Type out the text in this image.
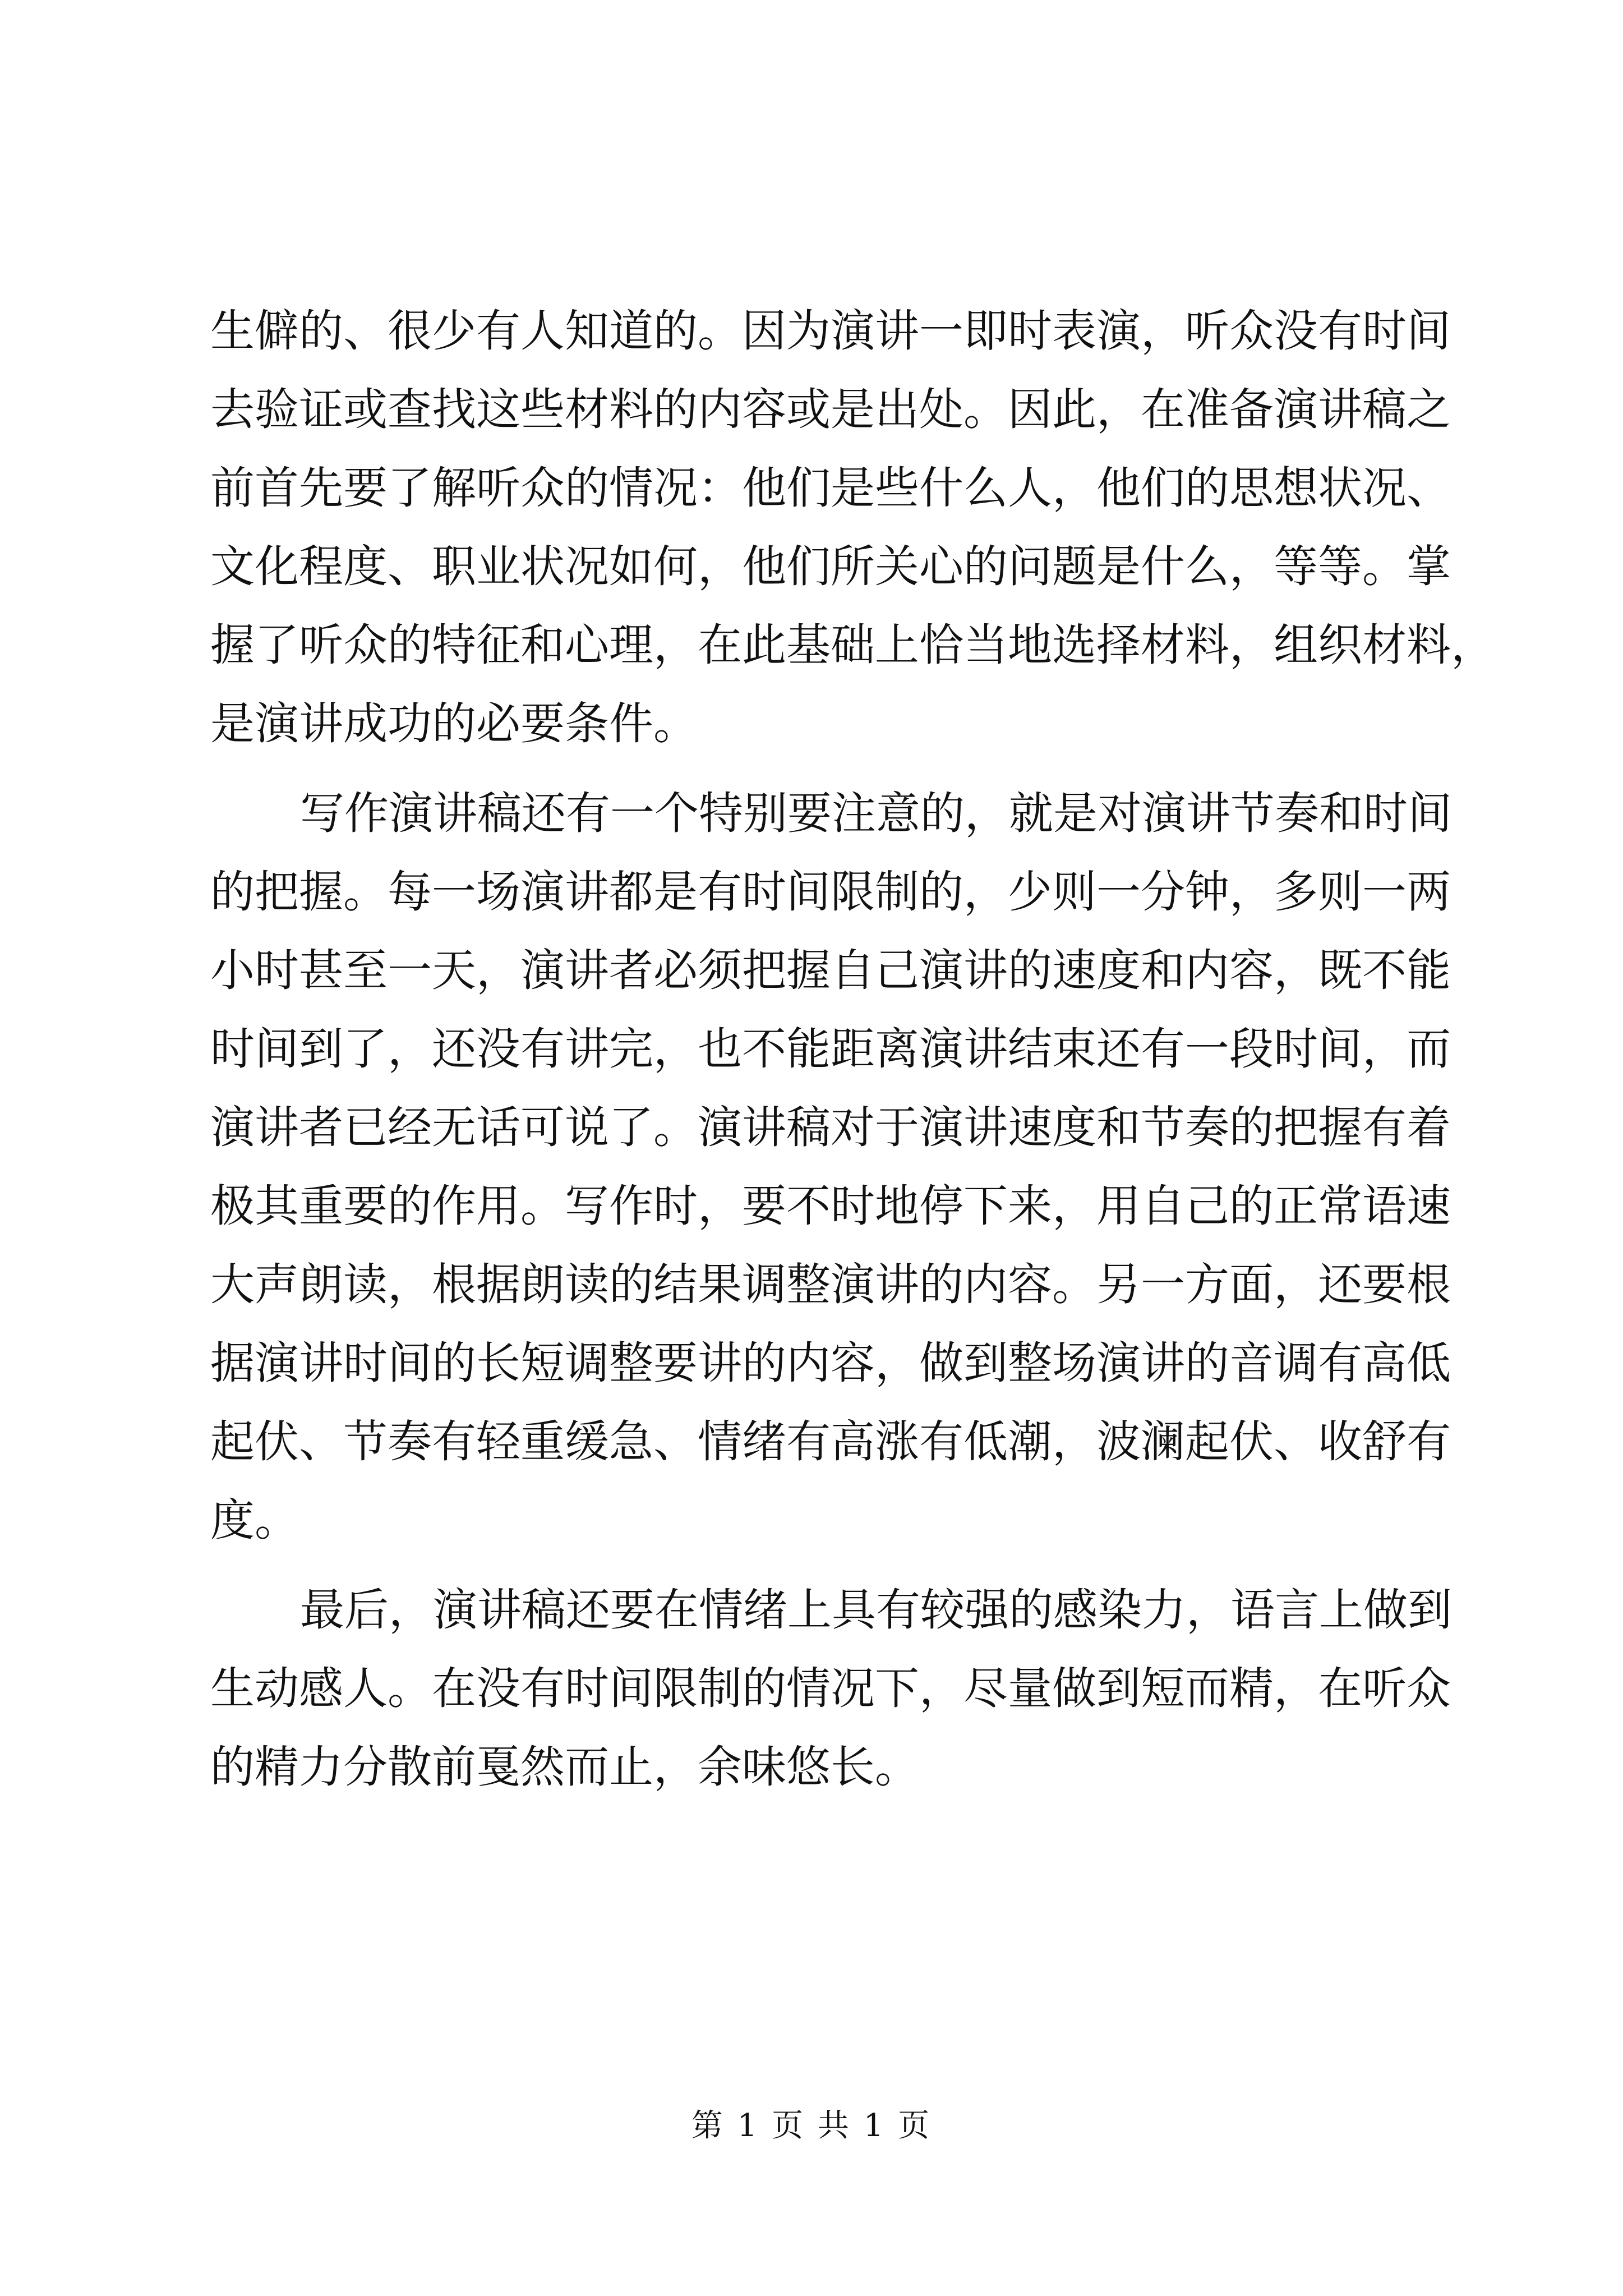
生僻的、很少有人知道的。因为演讲一即时表演，听众没有时间
去验证或查找这些材料的内容或是出处。因此，在准备演讲稿之
前首先要了解听众的情况：他们是些什么人，他们的思想状况、
文化程度、职业状况如何，他们所关心的问题是什么，等等。掌
握了听众的特征和心理，在此基础上恰当地选择材料，组织材料，
是演讲成功的必要条件。
写作演讲稿还有一个特别要注意的，就是对演讲节奏和时间
的把握。每一场演讲都是有时间限制的，少则一分钟，多则一两
小时甚至一天，演讲者必须把握自己演讲的速度和内容，既不能
时间到了，还没有讲完，也不能距离演讲结束还有一段时间，而
演讲者已经无话可说了。演讲稿对于演讲速度和节奏的把握有着
极其重要的作用。写作时，要不时地停下来，用自己的正常语速
大声朗读，根据朗读的结果调整演讲的内容。另一方面，还要根
据演讲时间的长短调整要讲的内容，做到整场演讲的音调有高低
起伏、节奏有轻重缓急、情绪有高涨有低潮，波澜起伏、收舒有
度。
最后，演讲稿还要在情绪上具有较强的感染力，语言上做到
生动感人。在没有时间限制的情况下，尽量做到短而精，在听众
的精力分散前戛然而止，余味悠长。
第 1 页 共 1 页
